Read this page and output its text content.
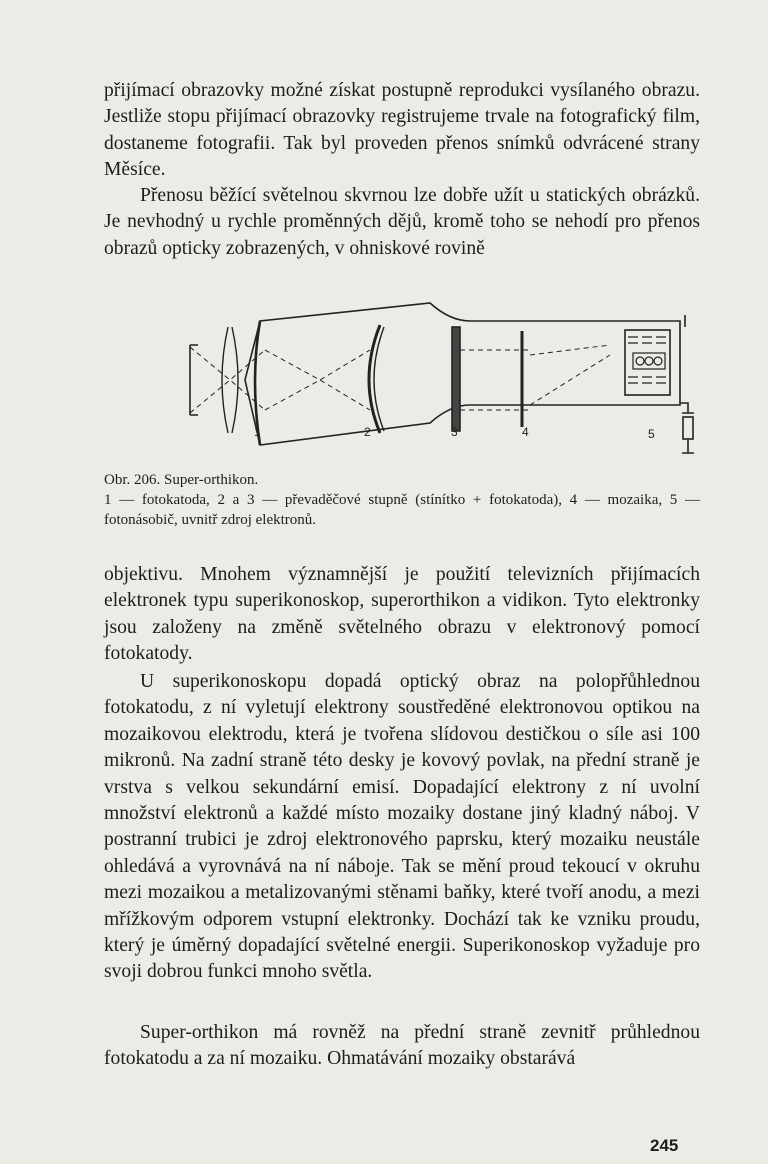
přijímací obrazovky možné získat postupně reprodukci vysílaného obrazu. Jestliže stopu přijímací obrazovky registrujeme trvale na fotografický film, dostaneme fotografii. Tak byl proveden přenos snímků odvrácené strany Měsíce.

Přenosu běžící světelnou skvrnou lze dobře užít u statických obrázků. Je nevhodný u rychle proměnných dějů, kromě toho se nehodí pro přenos obrazů opticky zobrazených, v ohniskové rovině

1	2	3	4	5
Obr. 206. Super-orthikon.
1 — fotokatoda, 2 a 3 — převaděčové stupně (stínítko + fotokatoda), 4 — mozaika, 5 — fotonásobič, uvnitř zdroj elektronů.

objektivu. Mnohem významnější je použití televizních přijímacích elektronek typu superikonoskop, superorthikon a vidikon. Tyto elektronky jsou založeny na změně světelného obrazu v elektronový pomocí fotokatody.

U superikonoskopu dopadá optický obraz na polopřůhlednou fotokatodu, z ní vyletují elektrony soustředěné elektronovou optikou na mozaikovou elektrodu, která je tvořena slídovou destičkou o síle asi 100 mikronů. Na zadní straně této desky je kovový povlak, na přední straně je vrstva s velkou sekundární emisí. Dopadající elektrony z ní uvolní množství elektronů a každé místo mozaiky dostane jiný kladný náboj. V postranní trubici je zdroj elektronového paprsku, který mozaiku neustále ohledává a vyrovnává na ní náboje. Tak se mění proud tekoucí v okruhu mezi mozaikou a metalizovanými stěnami baňky, které tvoří anodu, a mezi mřížkovým odporem vstupní elektronky. Dochází tak ke vzniku proudu, který je úměrný dopadající světelné energii. Superikonoskop vyžaduje pro svoji dobrou funkci mnoho světla.

Super-orthikon má rovněž na přední straně zevnitř průhlednou fotokatodu a za ní mozaiku. Ohmatávání mozaiky obstarává

245
